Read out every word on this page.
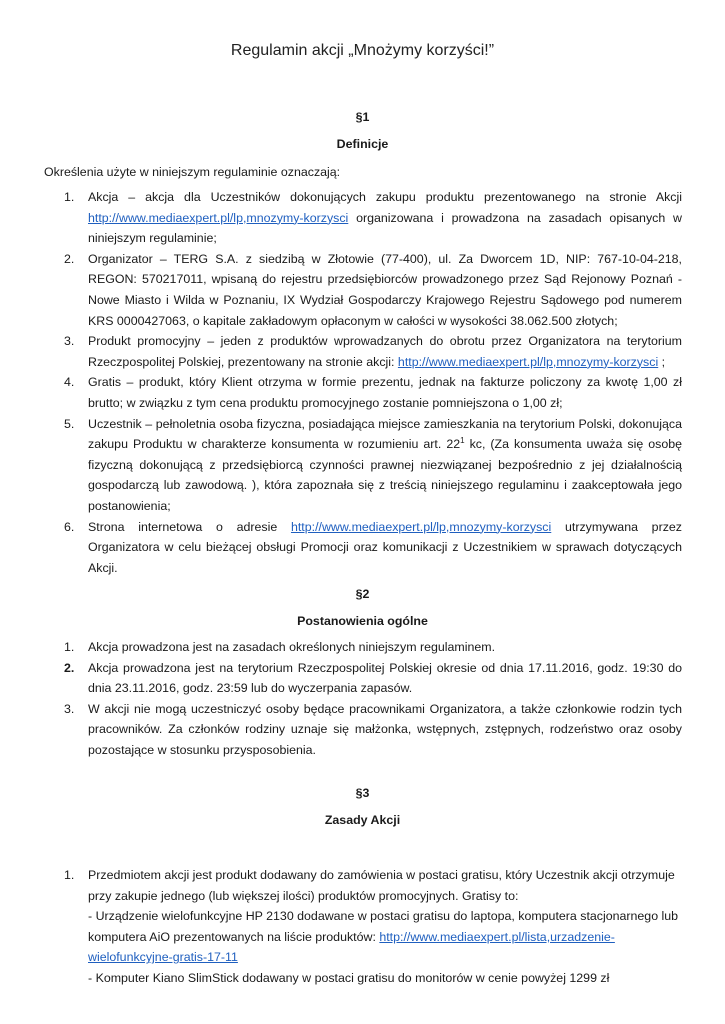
Regulamin akcji „Mnożymy korzyści!”
§1
Definicje
Określenia użyte w niniejszym regulaminie oznaczają:
1.	Akcja – akcja dla Uczestników dokonujących zakupu produktu prezentowanego na stronie Akcji http://www.mediaexpert.pl/lp,mnozymy-korzysci organizowana i prowadzona na zasadach opisanych w niniejszym regulaminie;
2.	Organizator – TERG S.A. z siedzibą w Złotowie (77-400), ul. Za Dworcem 1D, NIP: 767-10-04-218, REGON: 570217011, wpisaną do rejestru przedsiębiorców prowadzonego przez Sąd Rejonowy Poznań - Nowe Miasto i Wilda w Poznaniu, IX Wydział Gospodarczy Krajowego Rejestru Sądowego pod numerem KRS 0000427063, o kapitale zakładowym opłaconym w całości w wysokości 38.062.500 złotych;
3.	Produkt promocyjny – jeden z produktów wprowadzanych do obrotu przez Organizatora na terytorium Rzeczpospolitej Polskiej, prezentowany na stronie akcji: http://www.mediaexpert.pl/lp,mnozymy-korzysci ;
4.	Gratis – produkt, który Klient otrzyma w formie prezentu, jednak na fakturze policzony za kwotę 1,00 zł brutto; w związku z tym cena produktu promocyjnego zostanie pomniejszona o 1,00 zł;
5.	Uczestnik – pełnoletnia osoba fizyczna, posiadająca miejsce zamieszkania na terytorium Polski, dokonująca zakupu Produktu w charakterze konsumenta w rozumieniu art. $22^1$ kc, (Za konsumenta uważa się osobę fizyczną dokonującą z przedsiębiorcą czynności prawnej niezwiązanej bezpośrednio z jej działalnością gospodarczą lub zawodową. ), która zapoznała się z treścią niniejszego regulaminu i zaakceptowała jego postanowienia;
6.	Strona internetowa o adresie http://www.mediaexpert.pl/lp,mnozymy-korzysci utrzymywana przez Organizatora w celu bieżącej obsługi Promocji oraz komunikacji z Uczestnikiem w sprawach dotyczących Akcji.
§2
Postanowienia ogólne
1.	Akcja prowadzona jest na zasadach określonych niniejszym regulaminem.
2.	Akcja prowadzona jest na terytorium Rzeczpospolitej Polskiej okresie od dnia 17.11.2016, godz. 19:30 do dnia 23.11.2016, godz. 23:59 lub do wyczerpania zapasów.
3.	W akcji nie mogą uczestniczyć osoby będące pracownikami Organizatora, a także członkowie rodzin tych pracowników. Za członków rodziny uznaje się małżonka, wstępnych, zstępnych, rodzeństwo oraz osoby pozostające w stosunku przysposobienia.
§3
Zasady Akcji
1.	Przedmiotem akcji jest produkt dodawany do zamówienia w postaci gratisu, który Uczestnik akcji otrzymuje przy zakupie jednego (lub większej ilości) produktów promocyjnych. Gratisy to:
- Urządzenie wielofunkcyjne HP 2130 dodawane w postaci gratisu do laptopa, komputera stacjonarnego lub komputera AiO prezentowanych na liście produktów: http://www.mediaexpert.pl/lista,urzadzenie-wielofunkcyjne-gratis-17-11
- Komputer Kiano SlimStick dodawany w postaci gratisu do monitorów w cenie powyżej 1299 zł
